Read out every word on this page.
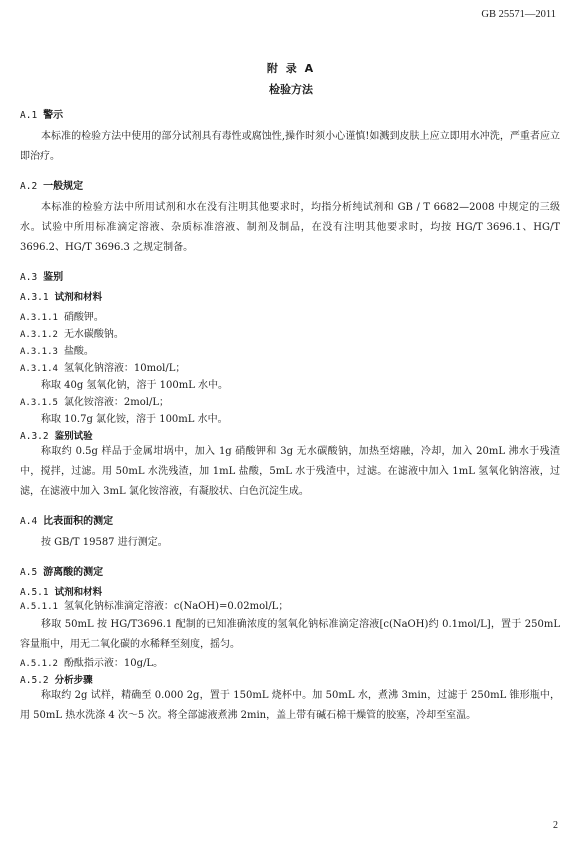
GB 25571—2011
附 录 A
检验方法
A.1 警示

本标准的检验方法中使用的部分试剂具有毒性或腐蚀性,操作时须小心谨慎!如溅到皮肤上应立即用水冲洗，严重者应立即治疗。

A.2 一般规定

本标准的检验方法中所用试剂和水在没有注明其他要求时，均指分析纯试剂和 GB / T 6682—2008 中规定的三级水。试验中所用标准滴定溶液、杂质标准溶液、制剂及制品，在没有注明其他要求时，均按 HG/T 3696.1、HG/T 3696.2、HG/T 3696.3 之规定制备。

A.3 鉴别
A.3.1 试剂和材料

A.3.1.1 硝酸钾。

A.3.1.2 无水碳酸钠。

A.3.1.3 盐酸。

A.3.1.4 氢氧化钠溶液：10mol/L；

称取 40g 氢氧化钠，溶于 100mL 水中。

A.3.1.5 氯化铵溶液：2mol/L；

称取 10.7g 氯化铵，溶于 100mL 水中。

A.3.2 鉴别试验

称取约 0.5g 样品于金属坩埚中，加入 1g 硝酸钾和 3g 无水碳酸钠，加热至熔融，冷却，加入 20mL 沸水于残渣中，搅拌，过滤。用 50mL 水洗残渣，加 1mL 盐酸，5mL 水于残渣中，过滤。在滤液中加入 1mL 氢氧化钠溶液，过滤，在滤液中加入 3mL 氯化铵溶液，有凝胶状、白色沉淀生成。

A.4 比表面积的测定

按 GB/T 19587 进行测定。

A.5 游离酸的测定
A.5.1 试剂和材料

A.5.1.1 氢氧化钠标准滴定溶液：c(NaOH)=0.02mol/L；

移取 50mL 按 HG/T3696.1 配制的已知准确浓度的氢氧化钠标准滴定溶液[c(NaOH)约 0.1mol/L]，置于 250mL 容量瓶中，用无二氧化碳的水稀释至刻度，摇匀。

A.5.1.2 酚酞指示液：10g/L。

A.5.2 分析步骤

称取约 2g 试样，精确至 0.000 2g，置于 150mL 烧杯中。加 50mL 水，煮沸 3min，过滤于 250mL 锥形瓶中，用 50mL 热水洗涤 4 次～5 次。将全部滤液煮沸 2min，盖上带有碱石棉干燥管的胶塞，冷却至室温。

2
